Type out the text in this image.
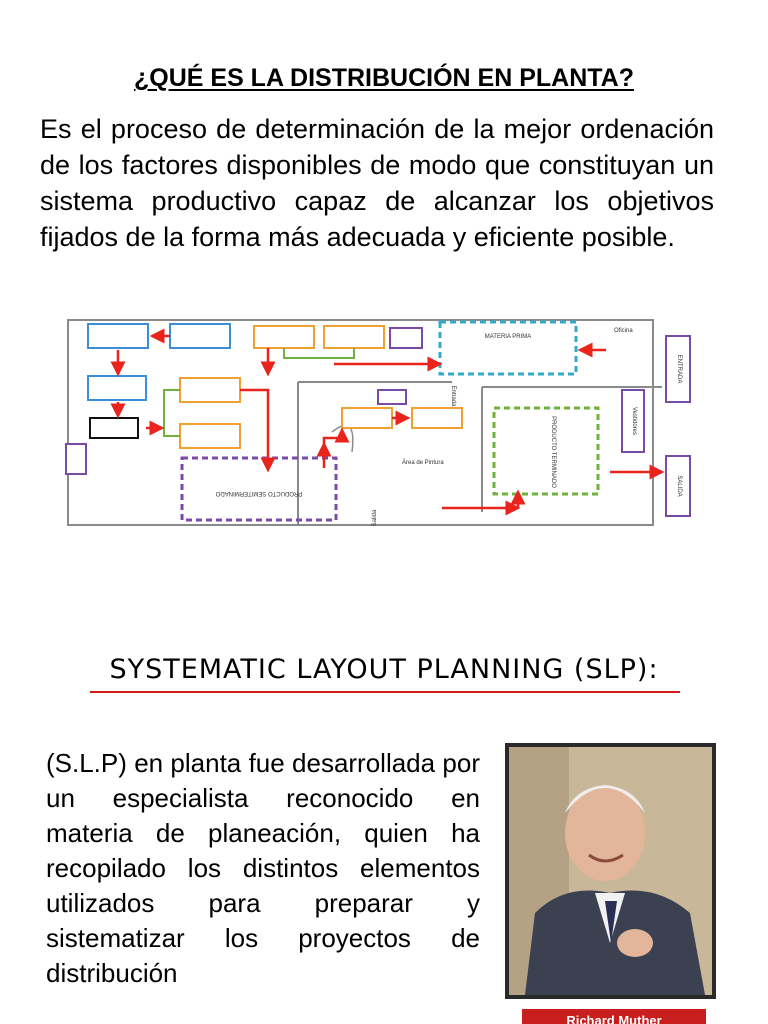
¿QUÉ ES LA DISTRIBUCIÓN EN PLANTA?
Es el proceso de determinación de la mejor ordenación de los factores disponibles de modo que constituyan un sistema productivo capaz de alcanzar los objetivos fijados de la forma más adecuada y eficiente posible.
MATERIA PRIMA
Oficina
Área de Pintura
PRODUCTO SEMITERMINADO
PRODUCTO TERMINADO
ENTRADA
Vestidores
SALIDA
Entrada
Salida
SYSTEMATIC LAYOUT PLANNING (SLP):
(S.L.P) en planta fue desarrollada por un especialista reconocido en materia de planeación, quien ha recopilado los distintos elementos utilizados para preparar y sistematizar los proyectos de distribución
Richard Muther
